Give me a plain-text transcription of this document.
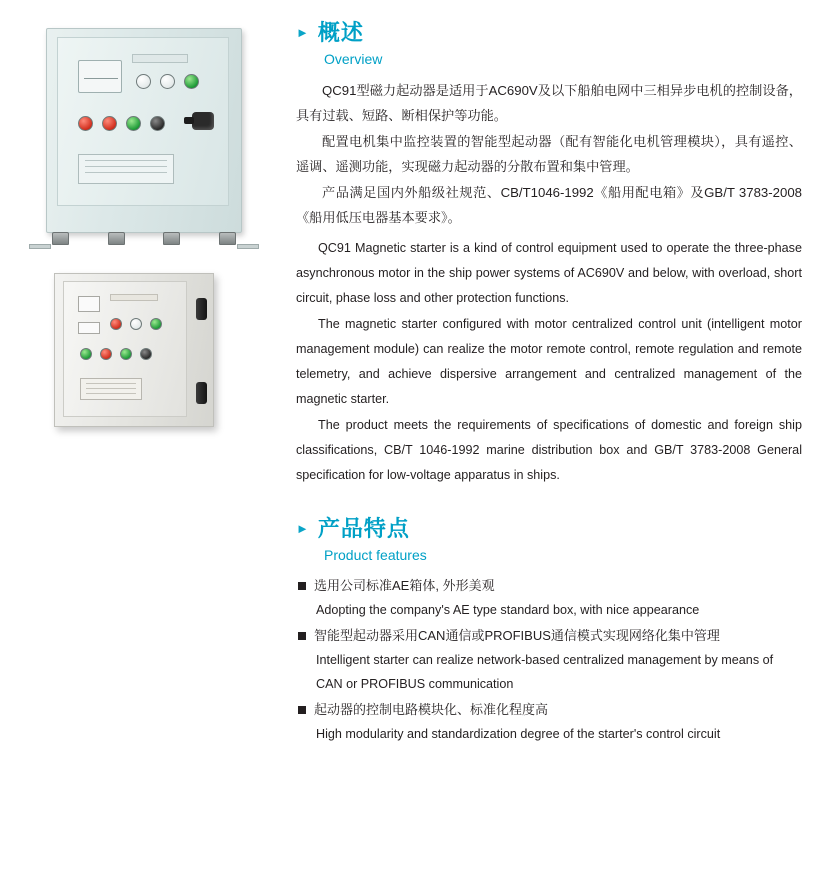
► 概述
Overview

QC91型磁力起动器是适用于AC690V及以下船舶电网中三相异步电机的控制设备，具有过载、短路、断相保护等功能。

配置电机集中监控装置的智能型起动器（配有智能化电机管理模块），具有遥控、遥调、遥测功能，实现磁力起动器的分散布置和集中管理。

产品满足国内外船级社规范、CB/T1046-1992《船用配电箱》及GB/T 3783-2008《船用低压电器基本要求》。

QC91 Magnetic starter is a kind of control equipment used to operate the three-phase asynchronous motor in the ship power systems of AC690V and below, with overload, short circuit, phase loss and other protection functions.

The magnetic starter configured with motor centralized control unit (intelligent motor management module) can realize the motor remote control, remote regulation and remote telemetry, and achieve dispersive arrangement and centralized management of the magnetic starter.

The product meets the requirements of specifications of domestic and foreign ship classifications, CB/T 1046-1992 marine distribution box and GB/T 3783-2008 General specification for low-voltage apparatus in ships.

► 产品特点
Product features
选用公司标准AE箱体, 外形美观
Adopting the company's AE type standard box, with nice appearance
智能型起动器采用CAN通信或PROFIBUS通信模式实现网络化集中管理
Intelligent starter can realize network-based centralized management by means of CAN or PROFIBUS communication
起动器的控制电路模块化、标准化程度高
High modularity and standardization degree of the starter's control circuit
